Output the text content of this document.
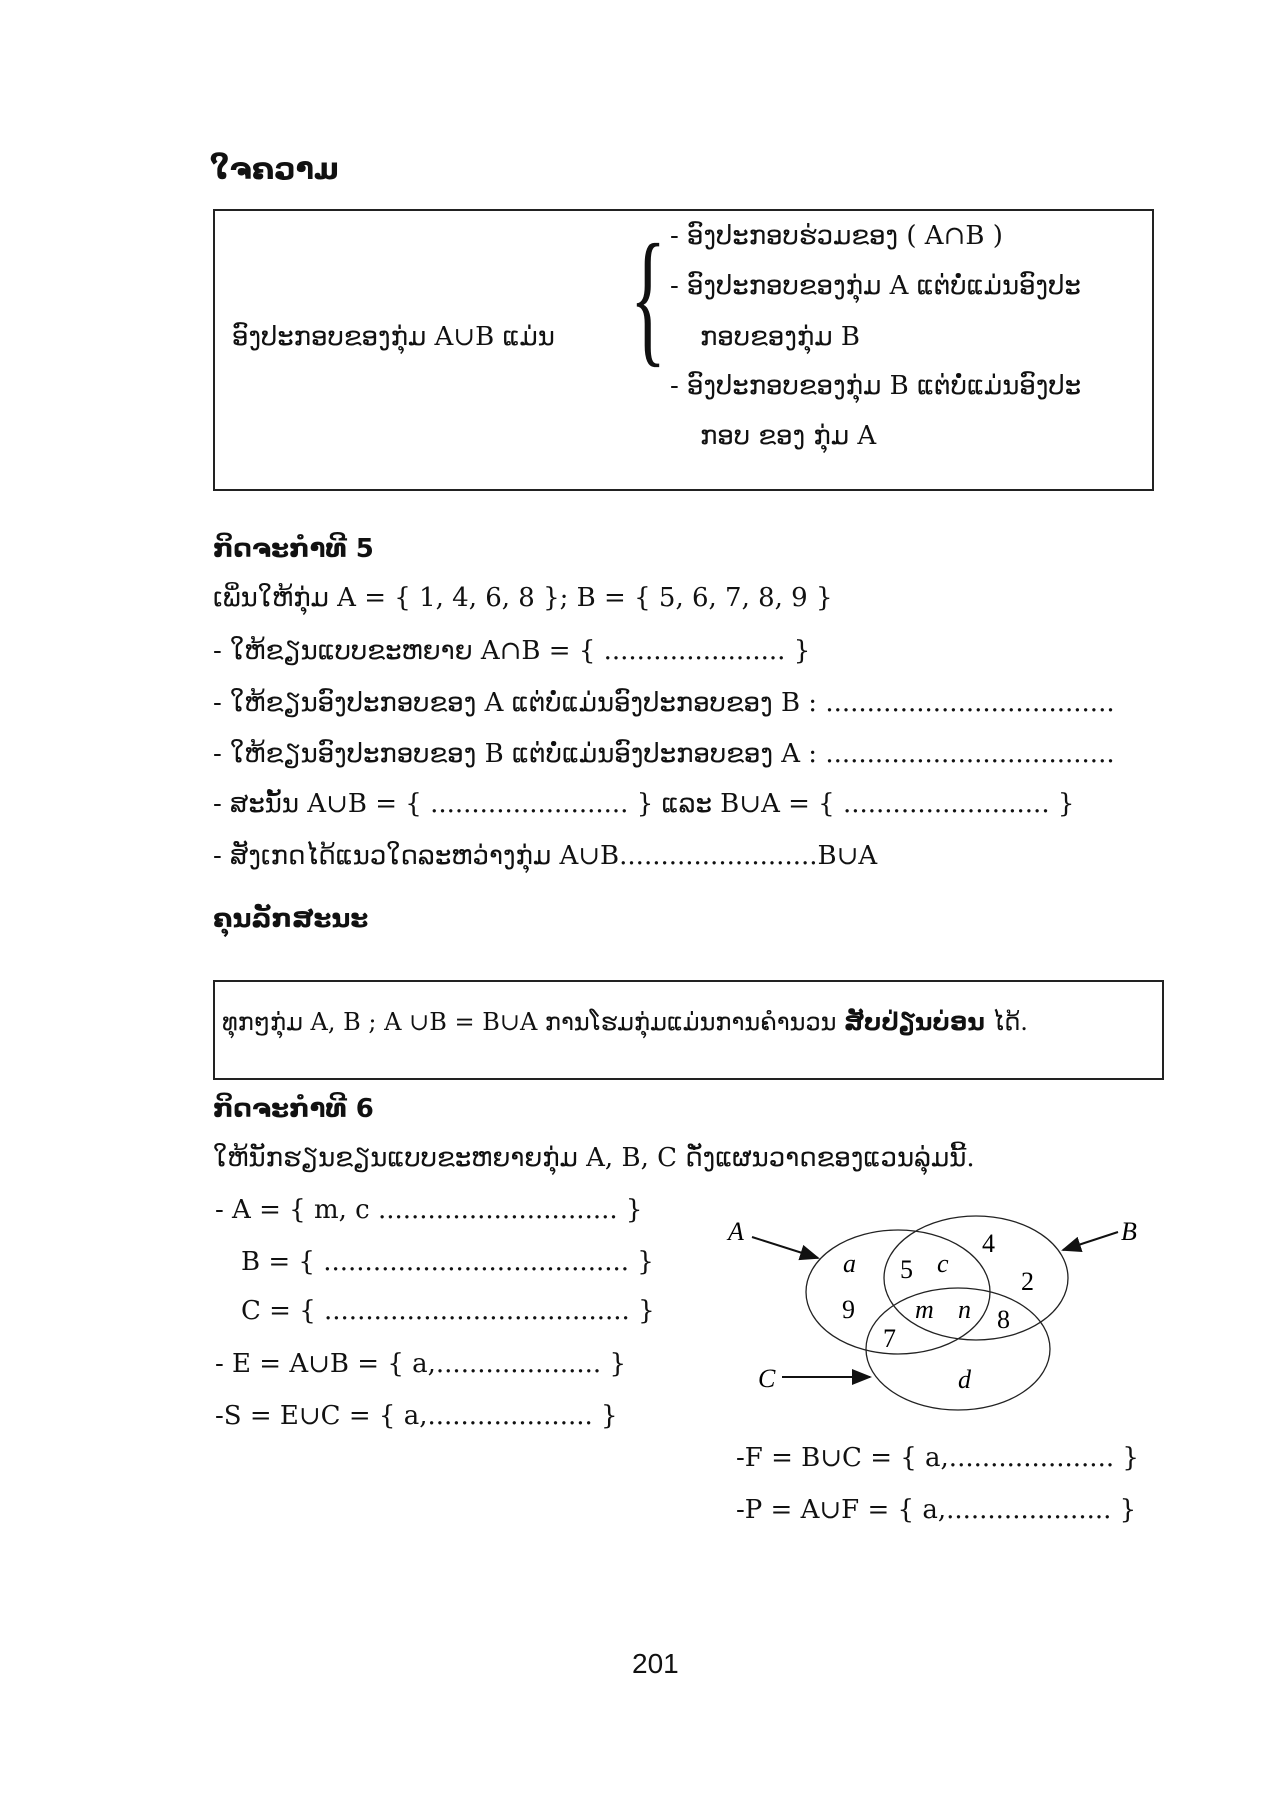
ໃຈຄວາມ
ອົງປະກອບຂອງກຸ່ມ A∪B ແມ່ນ { - ອົງປະກອບຮ່ວມຂອງ ( A∩B )
- ອົງປະກອບຂອງກຸ່ມ A ແຕ່ບໍ່ແມ່ນອົງປະ
ກອບຂອງກຸ່ມ B
- ອົງປະກອບຂອງກຸ່ມ B ແຕ່ບໍ່ແມ່ນອົງປະ
ກອບ ຂອງ ກຸ່ມ A
ກິດຈະກຳທີ 5
ເພິ່ນໃຫ້ກຸ່ມ A = { 1, 4, 6, 8 }; B = { 5, 6, 7, 8, 9 }
- ໃຫ້ຂຽນແບບຂະຫຍາຍ A∩B = { ...................... }
- ໃຫ້ຂຽນອົງປະກອບຂອງ A ແຕ່ບໍ່ແມ່ນອົງປະກອບຂອງ B : ...................................
- ໃຫ້ຂຽນອົງປະກອບຂອງ B ແຕ່ບໍ່ແມ່ນອົງປະກອບຂອງ A : ...................................
- ສະນັ້ນ A∪B = { ........................ } ແລະ B∪A = { ......................... }
- ສັງເກດໄດ້ແນວໃດລະຫວ່າງກຸ່ມ A∪B........................B∪A
ຄຸນລັກສະນະ
ທຸກໆກຸ່ມ A, B ; A ∪B = B∪A ການໂຮມກຸ່ມແມ່ນການຄຳນວນ ສັບປ່ຽນບ່ອນ ໄດ້.
ກິດຈະກຳທີ 6
ໃຫ້ນັກຮຽນຂຽນແບບຂະຫຍາຍກຸ່ມ A, B, C ດັ່ງແຜນວາດຂອງແວນລຸ່ມນີ້.
- A = { m, c ............................. }
B = { ..................................... }
C = { ..................................... }
- E = A∪B = { a,.................... }
-S = E∪C = { a,.................... }
-F = B∪C = { a,.................... }
-P = A∪F = { a,.................... }
A	B
C
a 5 c
4
2
9 m n 8
7
d
201
